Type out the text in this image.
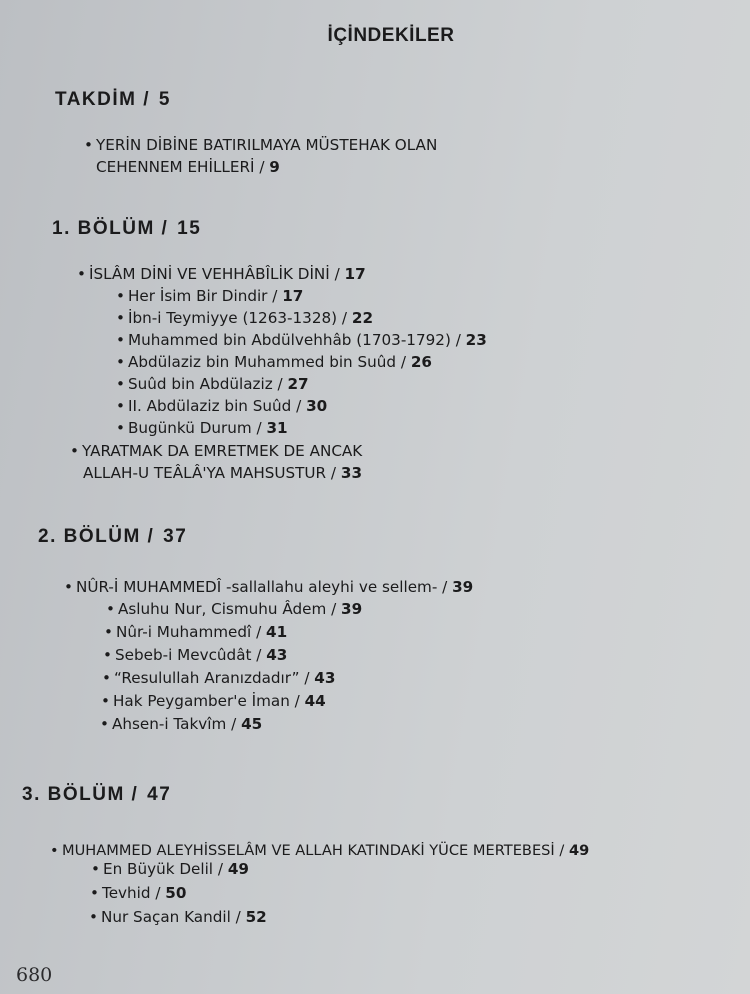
İÇİNDEKİLER
TAKDİM / 5
• YERİN DİBİNE BATIRILMAYA MÜSTEHAK OLAN
CEHENNEM EHİLLERİ / 9
1. BÖLÜM / 15
• İSLÂM DİNİ VE VEHHÂBÎLİK DİNİ / 17
• Her İsim Bir Dindir / 17
• İbn-i Teymiyye (1263-1328) / 22
• Muhammed bin Abdülvehhâb (1703-1792) / 23
• Abdülaziz bin Muhammed bin Suûd / 26
• Suûd bin Abdülaziz / 27
• II. Abdülaziz bin Suûd / 30
• Bugünkü Durum / 31
• YARATMAK DA EMRETMEK DE ANCAK
ALLAH-U TEÂLÂ'YA MAHSUSTUR / 33
2. BÖLÜM / 37
• NÛR-İ MUHAMMEDÎ -sallallahu aleyhi ve sellem- / 39
• Asluhu Nur, Cismuhu Âdem / 39
• Nûr-i Muhammedî / 41
• Sebeb-i Mevcûdât / 43
• “Resulullah Aranızdadır” / 43
• Hak Peygamber'e İman / 44
• Ahsen-i Takvîm / 45
3. BÖLÜM / 47
• MUHAMMED ALEYHİSSELÂM VE ALLAH KATINDAKİ YÜCE MERTEBESİ / 49
• En Büyük Delil / 49
• Tevhid / 50
• Nur Saçan Kandil / 52
680
